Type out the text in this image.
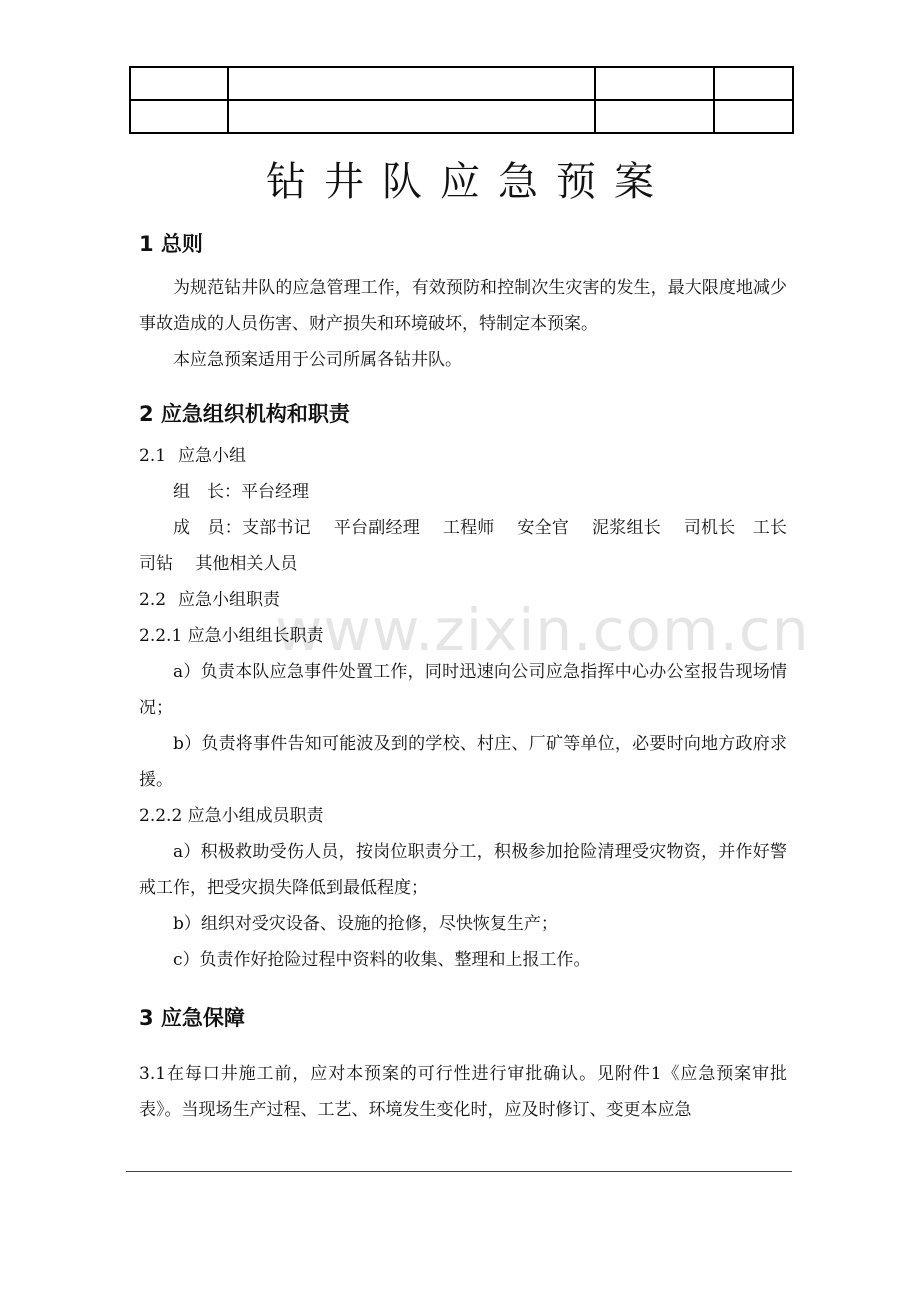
钻井队应急预案
1 总则

为规范钻井队的应急管理工作，有效预防和控制次生灾害的发生，最大限度地减少事故造成的人员伤害、财产损失和环境破坏，特制定本预案。

本应急预案适用于公司所属各钻井队。

2 应急组织机构和职责

2.1 应急小组

组　长：平台经理

成　员：支部书记　 平台副经理　 工程师　 安全官　 泥浆组长　 司机长　工长　 司钻　 其他相关人员

2.2 应急小组职责

2.2.1 应急小组组长职责

a）负责本队应急事件处置工作，同时迅速向公司应急指挥中心办公室报告现场情况；

b）负责将事件告知可能波及到的学校、村庄、厂矿等单位，必要时向地方政府求援。

2.2.2 应急小组成员职责

a）积极救助受伤人员，按岗位职责分工，积极参加抢险清理受灾物资，并作好警戒工作，把受灾损失降低到最低程度；

b）组织对受灾设备、设施的抢修，尽快恢复生产；

c）负责作好抢险过程中资料的收集、整理和上报工作。

3 应急保障

3.1在每口井施工前，应对本预案的可行性进行审批确认。见附件1《应急预案审批表》。当现场生产过程、工艺、环境发生变化时，应及时修订、变更本应急

www.zixin.com.cn
